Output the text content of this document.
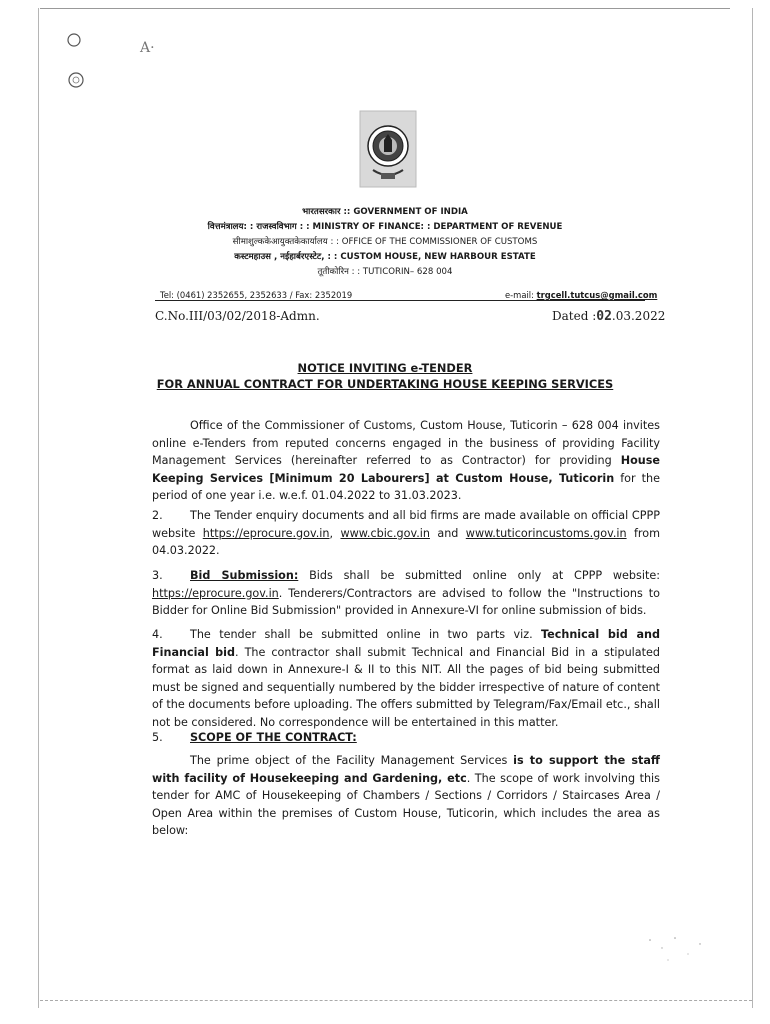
A·
भारतसरकार :: GOVERNMENT OF INDIA
वित्तमंत्रालय: : राजस्वविभाग : : MINISTRY OF FINANCE: : DEPARTMENT OF REVENUE
सीमाशुल्ककेआयुक्तकेकार्यालय : : OFFICE OF THE COMMISSIONER OF CUSTOMS
कस्टमहाउस , नईहार्बरएस्टेट, : : CUSTOM HOUSE, NEW HARBOUR ESTATE
तूतीकोरिन : : TUTICORIN– 628 004
Tel: (0461) 2352655, 2352633 / Fax: 2352019	e-mail: trgcell.tutcus@gmail.com
C.No.III/03/02/2018-Admn.	Dated :02.03.2022
NOTICE INVITING e-TENDER
FOR ANNUAL CONTRACT FOR UNDERTAKING HOUSE KEEPING SERVICES
Office of the Commissioner of Customs, Custom House, Tuticorin – 628 004 invites online e-Tenders from reputed concerns engaged in the business of providing Facility Management Services (hereinafter referred to as Contractor) for providing House Keeping Services [Minimum 20 Labourers] at Custom House, Tuticorin for the period of one year i.e. w.e.f. 01.04.2022 to 31.03.2023.
2. The Tender enquiry documents and all bid firms are made available on official CPPP website https://eprocure.gov.in, www.cbic.gov.in and www.tuticorincustoms.gov.in from 04.03.2022.
3. Bid Submission: Bids shall be submitted online only at CPPP website: https://eprocure.gov.in. Tenderers/Contractors are advised to follow the "Instructions to Bidder for Online Bid Submission" provided in Annexure-VI for online submission of bids.
4. The tender shall be submitted online in two parts viz. Technical bid and Financial bid. The contractor shall submit Technical and Financial Bid in a stipulated format as laid down in Annexure-I & II to this NIT. All the pages of bid being submitted must be signed and sequentially numbered by the bidder irrespective of nature of content of the documents before uploading. The offers submitted by Telegram/Fax/Email etc., shall not be considered. No correspondence will be entertained in this matter.
5. SCOPE OF THE CONTRACT:
The prime object of the Facility Management Services is to support the staff with facility of Housekeeping and Gardening, etc. The scope of work involving this tender for AMC of Housekeeping of Chambers / Sections / Corridors / Staircases Area / Open Area within the premises of Custom House, Tuticorin, which includes the area as below:
